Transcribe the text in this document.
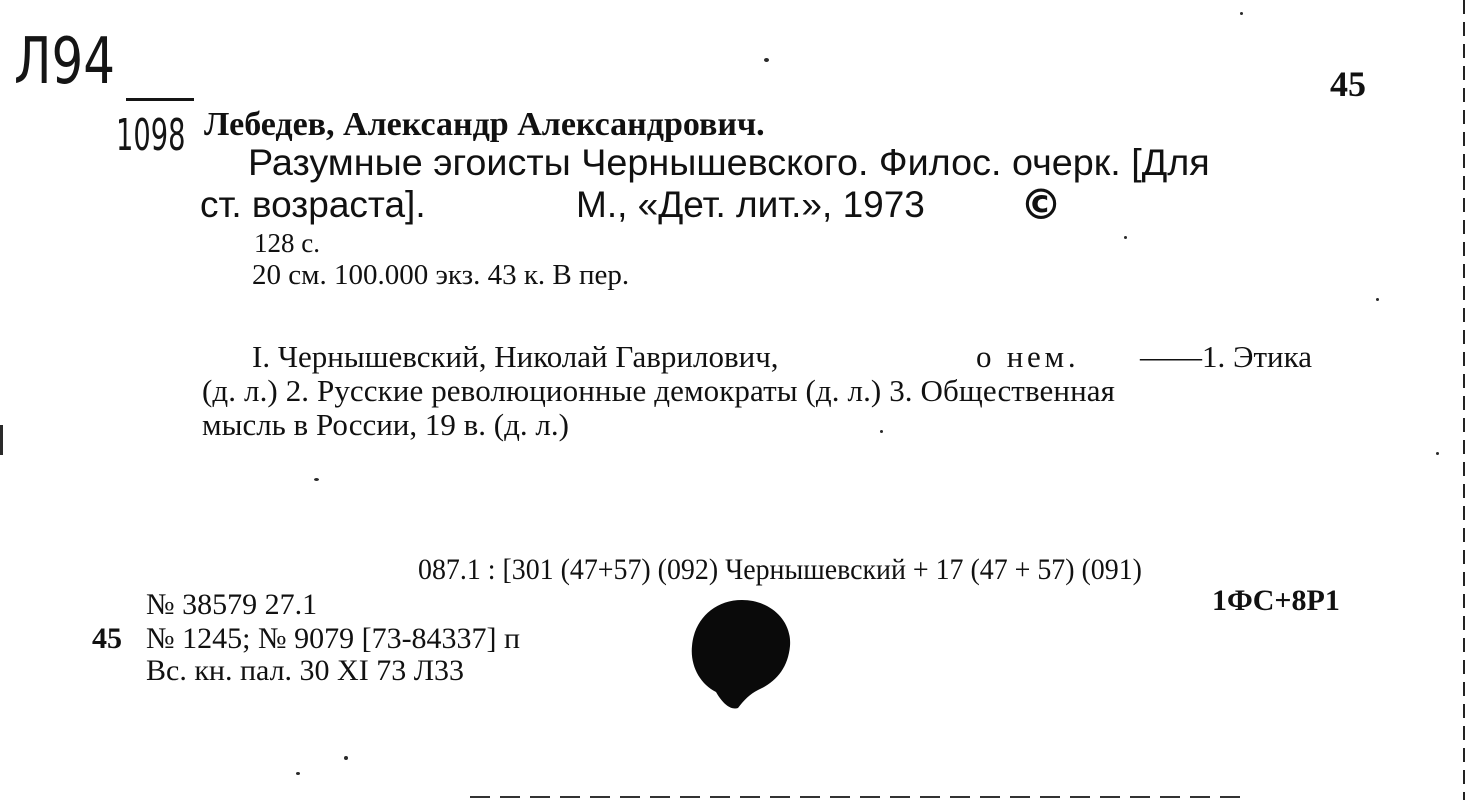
Л94
1098
45
Лебедев, Александр Александрович.
Разумные эгоисты Чернышевского. Филос. очерк. [Для
ст. возраста].	М., «Дет. лит.», 1973 ©
128 с.
20 см. 100.000 экз. 43 к. В пер.
I. Чернышевский, Николай Гаврилович,	о нем. ——1. Этика
(д. л.) 2. Русские революционные демократы (д. л.) 3. Общественная
мысль в России, 19 в. (д. л.)
087.1 : [301 (47+57) (092) Чернышевский + 17 (47 + 57) (091)
1ФС+8Р1
№ 38579 27.1
45 № 1245; № 9079 [73-84337] п
Вс. кн. пал. 30 XI 73 Л33
